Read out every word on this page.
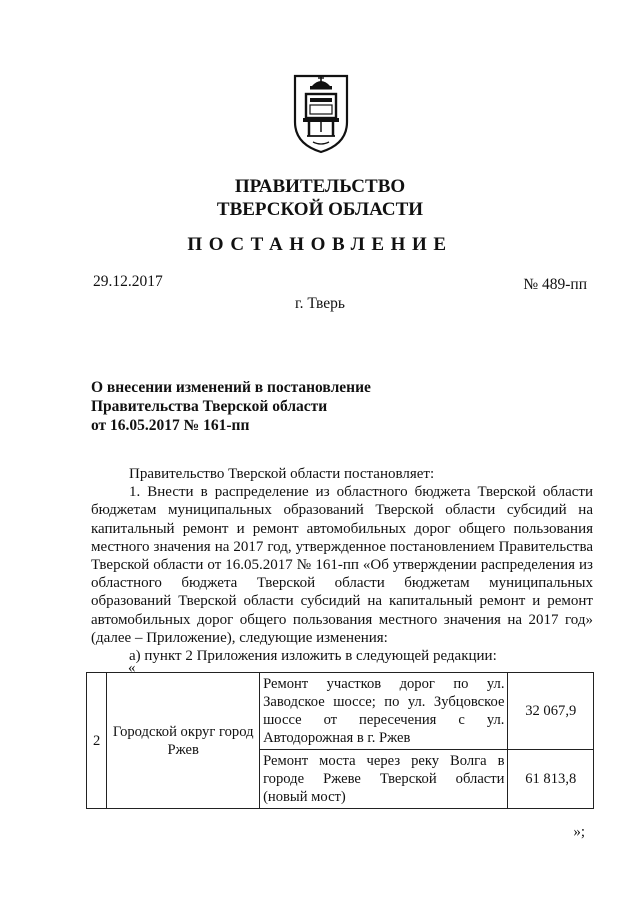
ПРАВИТЕЛЬСТВО
ТВЕРСКОЙ ОБЛАСТИ
ПОСТАНОВЛЕНИЕ
29.12.2017	№ 489-пп
г. Тверь
О внесении изменений в постановление
Правительства Тверской области
от 16.05.2017 № 161-пп

Правительство Тверской области постановляет:

1. Внести в распределение из областного бюджета Тверской области бюджетам муниципальных образований Тверской области субсидий на капитальный ремонт и ремонт автомобильных дорог общего пользования местного значения на 2017 год, утвержденное постановлением Правительства Тверской области от 16.05.2017 № 161-пп «Об утверждении распределения из областного бюджета Тверской области бюджетам муниципальных образований Тверской области субсидий на капитальный ремонт и ремонт автомобильных дорог общего пользования местного значения на 2017 год» (далее – Приложение), следующие изменения:

а) пункт 2 Приложения изложить в следующей редакции:

«
2	Городской округ город Ржев	Ремонт участков дорог по ул. Заводское шоссе; по ул. Зубцовское шоссе от пересечения с ул. Автодорожная в г. Ржев	32 067,9
		Ремонт моста через реку Волга в городе Ржеве Тверской области (новый мост)	61 813,8
»;
